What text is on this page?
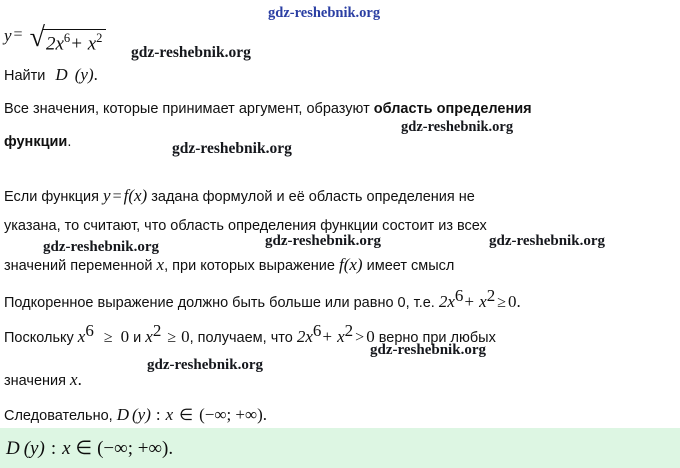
y = √ $2x^6+ x^2$
Найти D (y).
Все значения, которые принимает аргумент, образуют область определения
функции.
Если функция y = f(x) задана формулой и её область определения не
указана, то считают, что область определения функции состоит из всех
значений переменной x, при которых выражение f(x) имеет смысл
Подкоренное выражение должно быть больше или равно 0, т.е. $2x^6+ x^2 \ge 0$.
Поскольку $x^6 \ge 0$ и $x^2 \ge 0$, получаем, что $2x^6+ x^2 > 0$ верно при любых
значения x.
Следовательно, D (y) : x ∈ (−∞; +∞).
D (y) : x ∈ (−∞; +∞).
gdz-reshebnik.org
gdz-reshebnik.org
gdz-reshebnik.org
gdz-reshebnik.org
gdz-reshebnik.org	gdz-reshebnik.org	gdz-reshebnik.org
gdz-reshebnik.org
gdz-reshebnik.org
